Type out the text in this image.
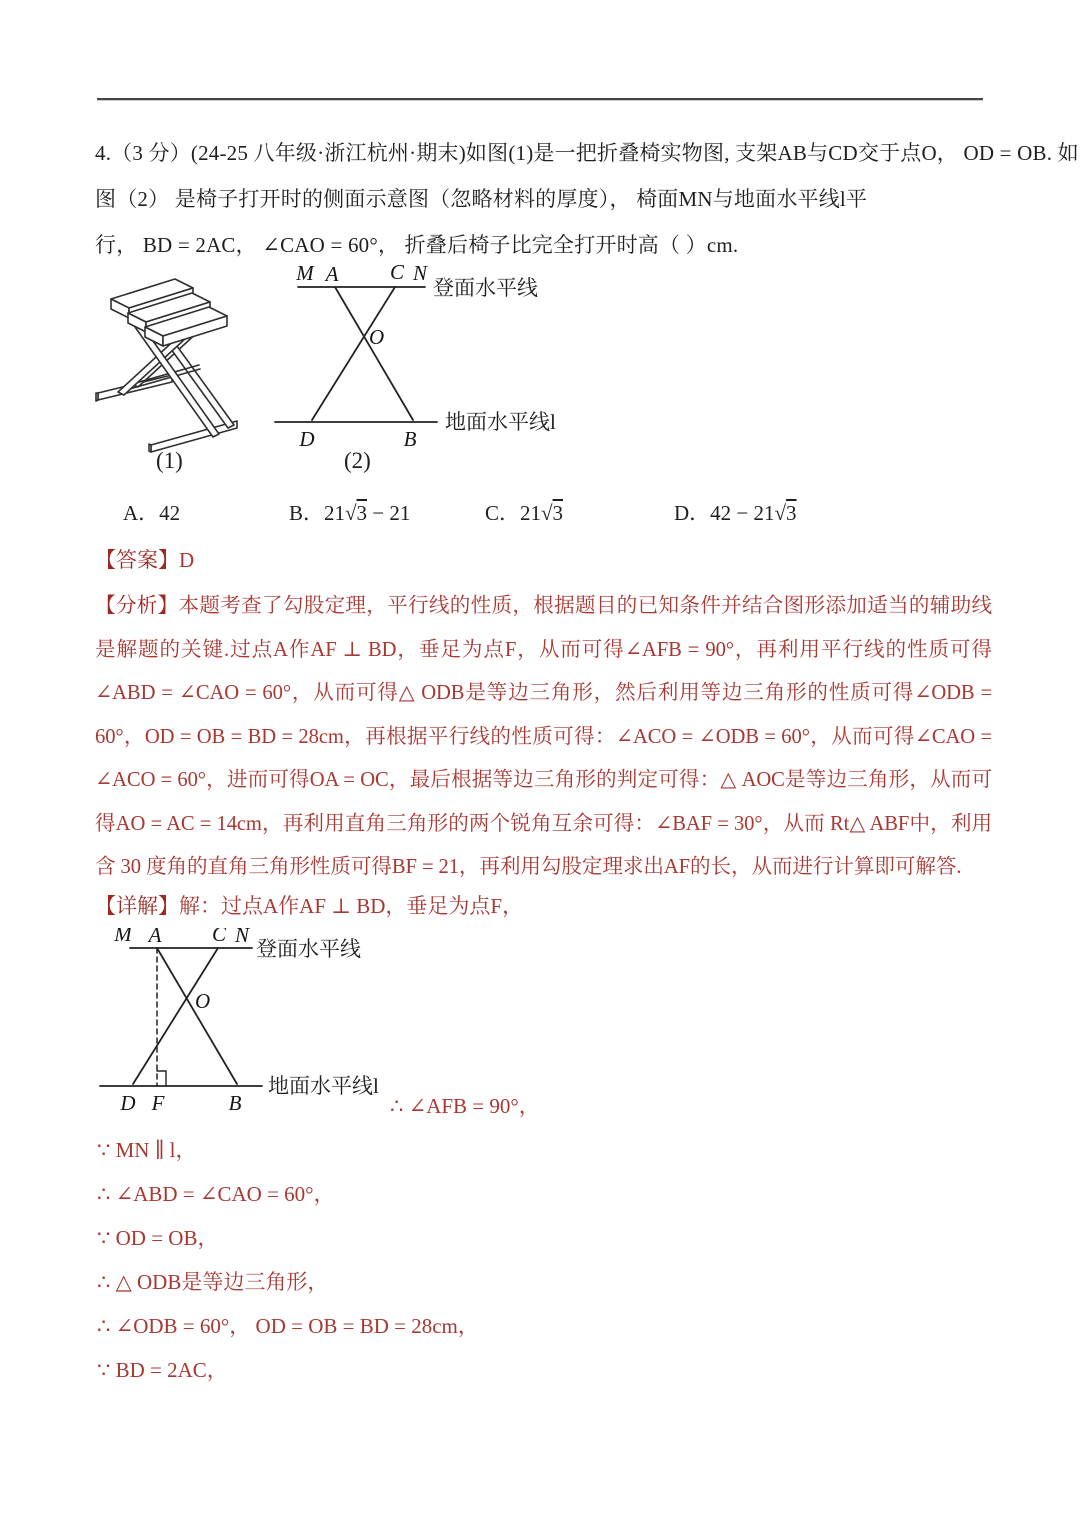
4.（3 分）(24-25 八年级·浙江杭州·期末)如图(1)是一把折叠椅实物图, 支架AB与CD交于点O， OD = OB. 如
图（2） 是椅子打开时的侧面示意图（忽略材料的厚度）， 椅面MN与地面水平线l平
行， BD = 2AC， ∠CAO = 60°， 折叠后椅子比完全打开时高（ ）cm.
(1)
M A C N
O
D	B
登面水平线
地面水平线l
(2)
A．42	B．21√3 − 21	C．21√3	D．42 − 21√3
【答案】D
【分析】本题考查了勾股定理，平行线的性质，根据题目的已知条件并结合图形添加适当的辅助线是解题的关键.过点A作AF ⊥ BD，垂足为点F，从而可得∠AFB = 90°，再利用平行线的性质可得∠ABD = ∠CAO = 60°，从而可得△ ODB是等边三角形，然后利用等边三角形的性质可得∠ODB = 60°，OD = OB = BD = 28cm，再根据平行线的性质可得：∠ACO = ∠ODB = 60°，从而可得∠CAO = ∠ACO = 60°，进而可得OA = OC，最后根据等边三角形的判定可得：△ AOC是等边三角形，从而可得AO = AC = 14cm，再利用直角三角形的两个锐角互余可得：∠BAF = 30°，从而 Rt△ ABF中，利用含 30 度角的直角三角形性质可得BF = 21，再利用勾股定理求出AF的长，从而进行计算即可解答.
【详解】解：过点A作AF ⊥ BD，垂足为点F，
M A C N
O
D F	B
登面水平线
地面水平线l
∴ ∠AFB = 90°，
∵ MN ∥ l，
∴ ∠ABD = ∠CAO = 60°，
∵ OD = OB，
∴ △ ODB是等边三角形，
∴ ∠ODB = 60°， OD = OB = BD = 28cm，
∵ BD = 2AC，
